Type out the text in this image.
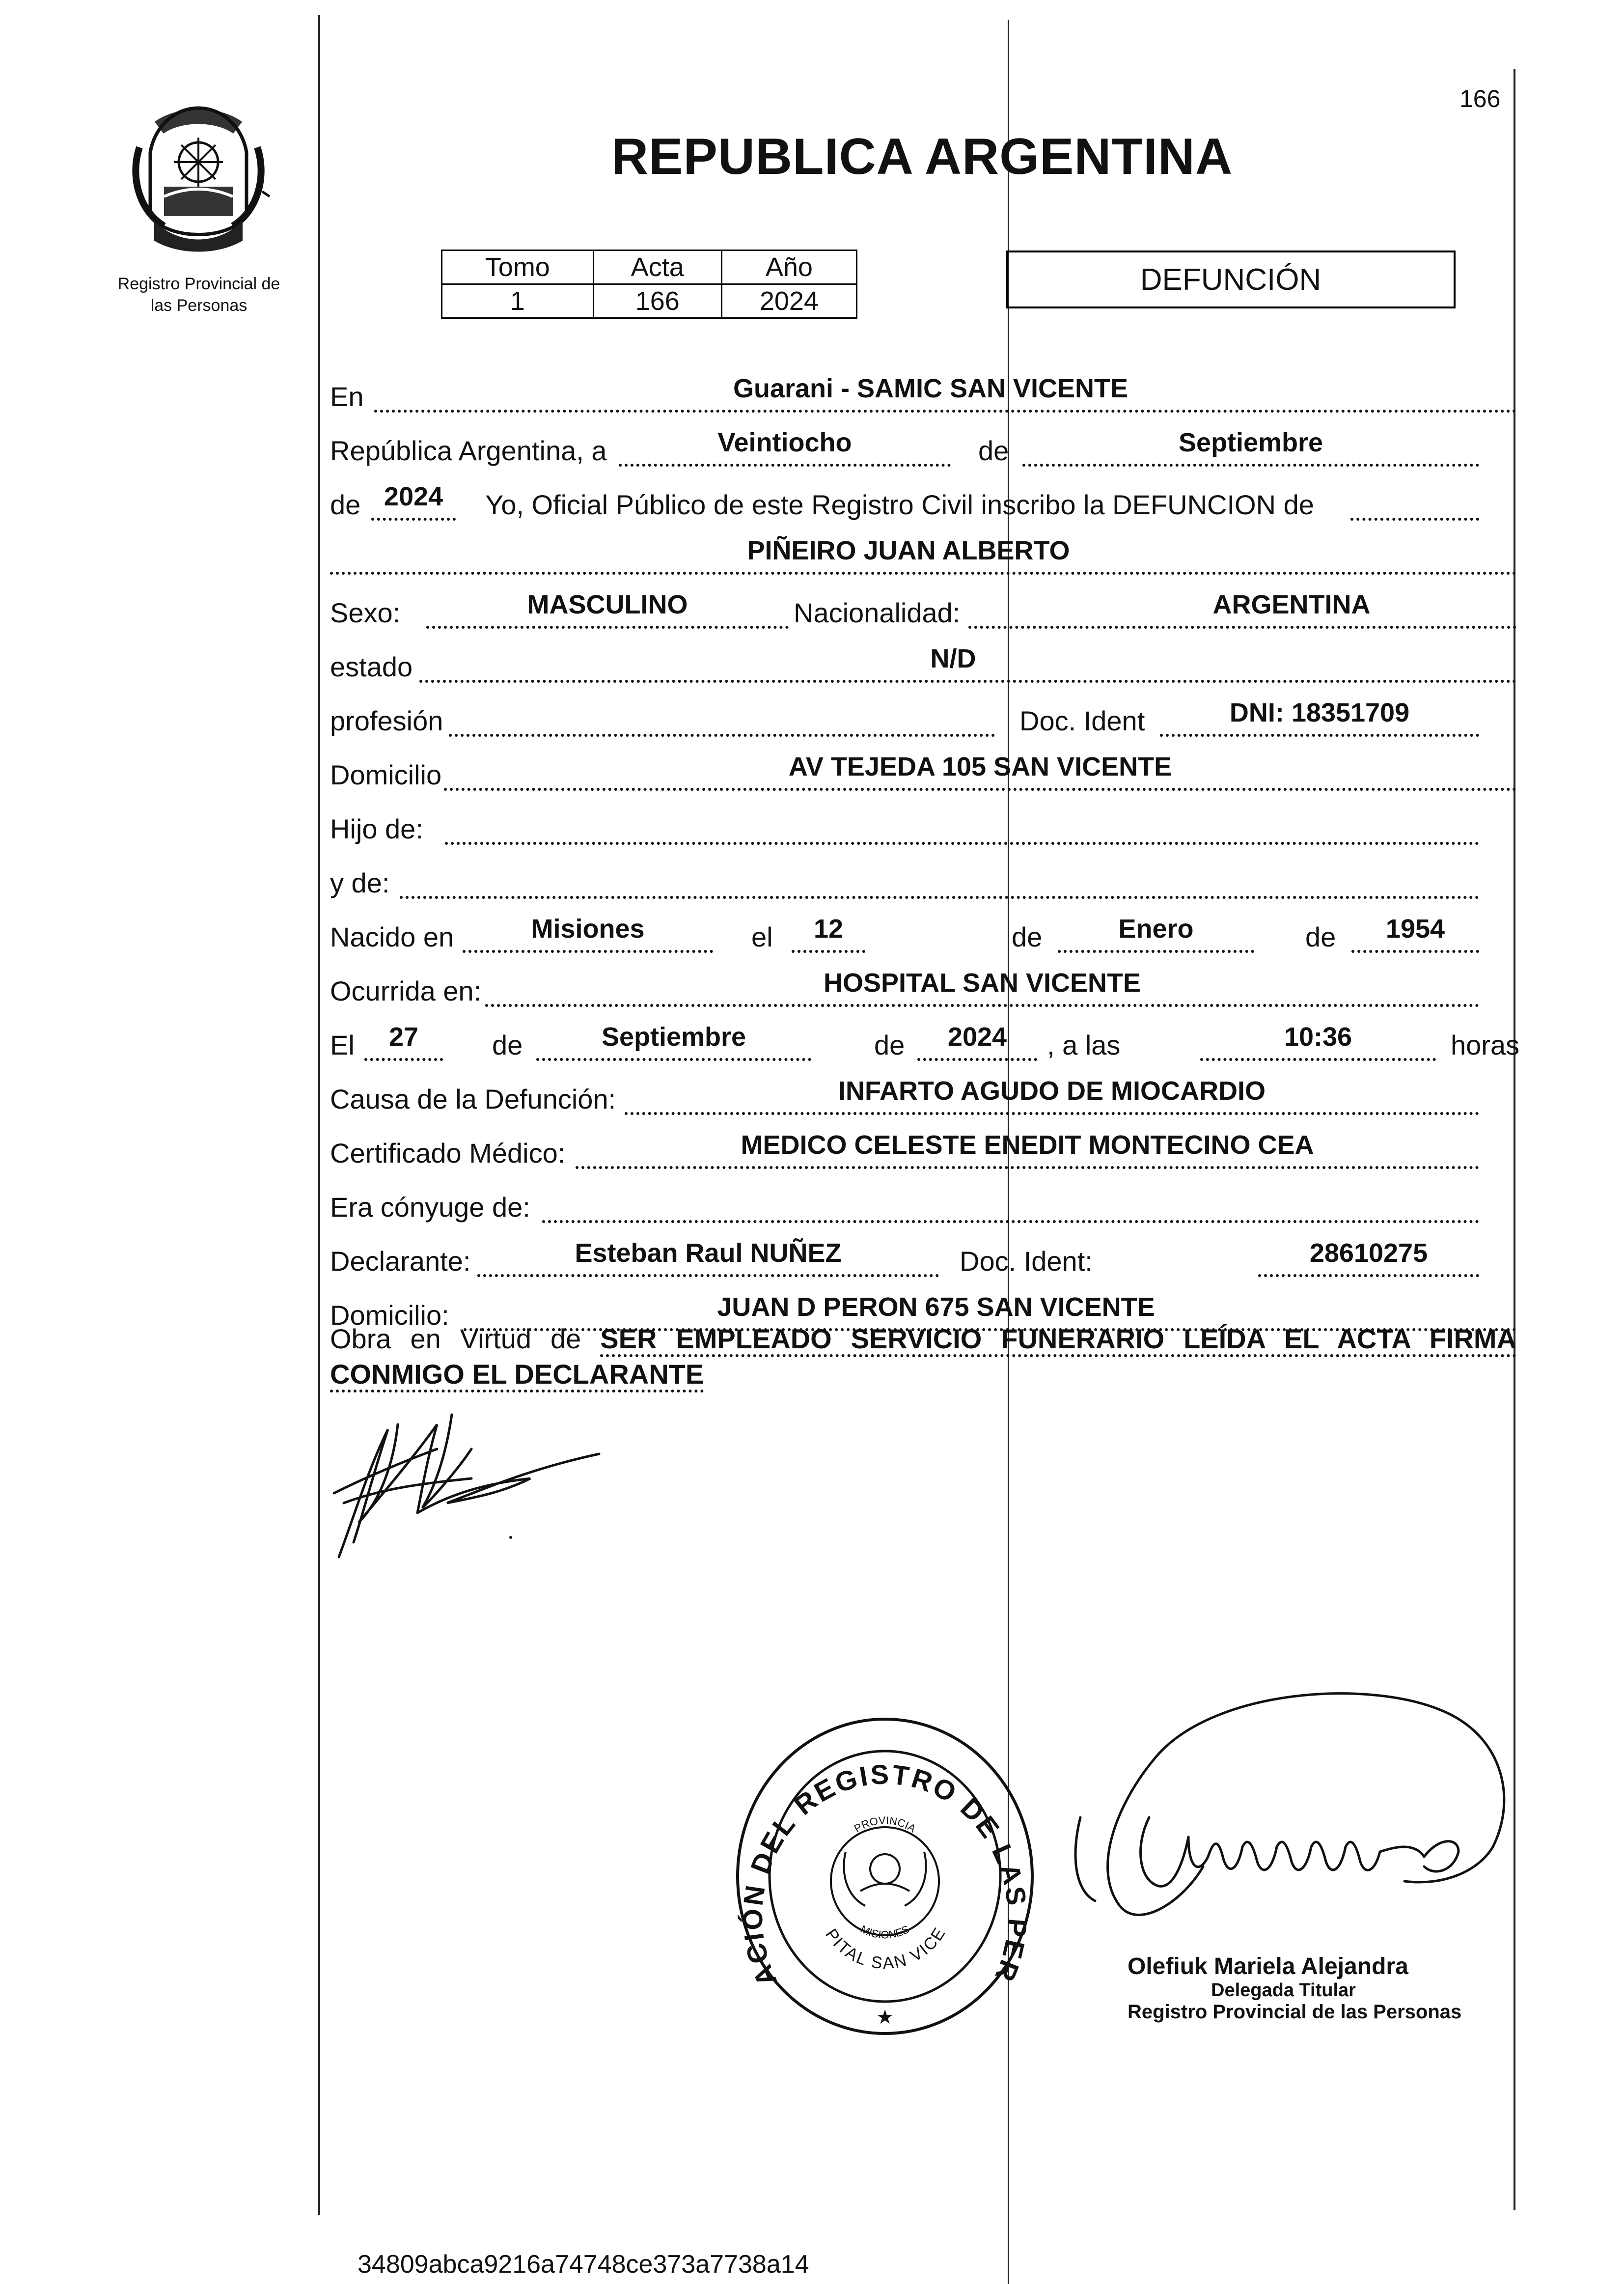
166
Registro Provincial de
las Personas
REPUBLICA ARGENTINA
Tomo	Acta	Año
1	166	2024
DEFUNCIÓN
En	Guarani - SAMIC SAN VICENTE
República Argentina, a	Veintiocho	de	Septiembre
de 2024	Yo, Oficial Público de este Registro Civil inscribo la DEFUNCION de
PIÑEIRO JUAN ALBERTO
Sexo:	MASCULINO	Nacionalidad:	ARGENTINA
estado	N/D
profesión	Doc. Ident	DNI: 18351709
Domicilio	AV TEJEDA 105 SAN VICENTE
Hijo de:
y de:
Nacido en	Misiones	el	12	de	Enero	de	1954
Ocurrida en:	HOSPITAL SAN VICENTE
El	27	de	Septiembre	de	2024	, a las	10:36	horas
Causa de la Defunción:	INFARTO AGUDO DE MIOCARDIO
Certificado Médico:	MEDICO CELESTE ENEDIT MONTECINO CEA
Era cónyuge de:
Declarante:	Esteban Raul NUÑEZ	Doc. Ident:	28610275
Domicilio:	JUAN D PERON 675 SAN VICENTE
Obra en Virtud de SER EMPLEADO SERVICIO FUNERARIO LEÍDA EL ACTA FIRMA CONMIGO EL DECLARANTE
ACIÓN DEL REGISTRO DE LAS PER
PROVINCIA
MISIONES
PITAL SAN VICE
★
Olefiuk Mariela Alejandra
Delegada Titular
Registro Provincial de las Personas
34809abca9216a74748ce373a7738a14
